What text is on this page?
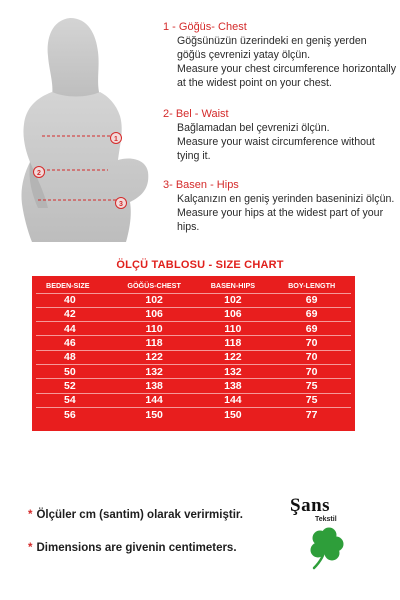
1
2
3
1 - Göğüs- Chest
Göğsünüzün üzerindeki en geniş yerden göğüs çevrenizi yatay ölçün.
Measure your chest circumference horizontally at the widest point on your chest.
2- Bel - Waist
Bağlamadan bel çevrenizi ölçün.
Measure your waist circumference without tying it.
3- Basen - Hips
Kalçanızın en geniş yerinden baseninizi ölçün.
Measure your hips at the widest part of your hips.
ÖLÇÜ TABLOSU - SIZE CHART
BEDEN-SIZE	GÖĞÜS-CHEST	BASEN-HIPS	BOY-LENGTH
40	102	102	69
42	106	106	69
44	110	110	69
46	118	118	70
48	122	122	70
50	132	132	70
52	138	138	75
54	144	144	75
56	150	150	77
* Ölçüler cm (santim) olarak verirmiştir.
* Dimensions are givenin centimeters.
Şans
Tekstil
